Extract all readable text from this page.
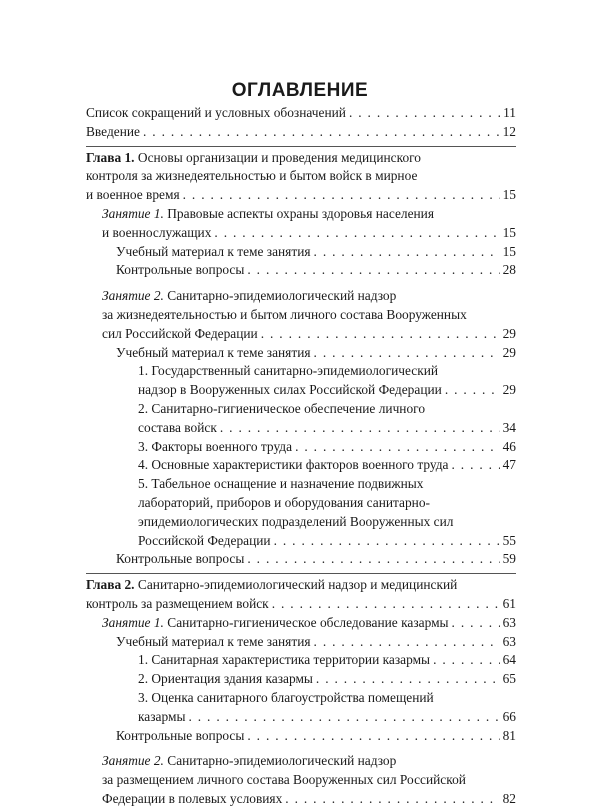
ОГЛАВЛЕНИЕ
Список сокращений и условных обозначений . . .	11
Введение . . .	12
Глава 1. Основы организации и проведения медицинского
контроля за жизнедеятельностью и бытом войск в мирное
и военное время . . .	15
Занятие 1. Правовые аспекты охраны здоровья населения
и военнослужащих . . .	15
Учебный материал к теме занятия . . .	15
Контрольные вопросы . . .	28
Занятие 2. Санитарно-эпидемиологический надзор
за жизнедеятельностью и бытом личного состава Вооруженных
сил Российской Федерации . . .	29
Учебный материал к теме занятия . . .	29
1. Государственный санитарно-эпидемиологический
надзор в Вооруженных силах Российской Федерации . . .	29
2. Санитарно-гигиеническое обеспечение личного
состава войск . . .	34
3. Факторы военного труда . . .	46
4. Основные характеристики факторов военного труда . . .	47
5. Табельное оснащение и назначение подвижных
лабораторий, приборов и оборудования санитарно-
эпидемиологических подразделений Вооруженных сил
Российской Федерации . . .	55
Контрольные вопросы . . .	59
Глава 2. Санитарно-эпидемиологический надзор и медицинский
контроль за размещением войск . . .	61
Занятие 1. Санитарно-гигиеническое обследование казармы . . .	63
Учебный материал к теме занятия . . .	63
1. Санитарная характеристика территории казармы . . .	64
2. Ориентация здания казармы . . .	65
3. Оценка санитарного благоустройства помещений
казармы . . .	66
Контрольные вопросы . . .	81
Занятие 2. Санитарно-эпидемиологический надзор
за размещением личного состава Вооруженных сил Российской
Федерации в полевых условиях . . .	82
